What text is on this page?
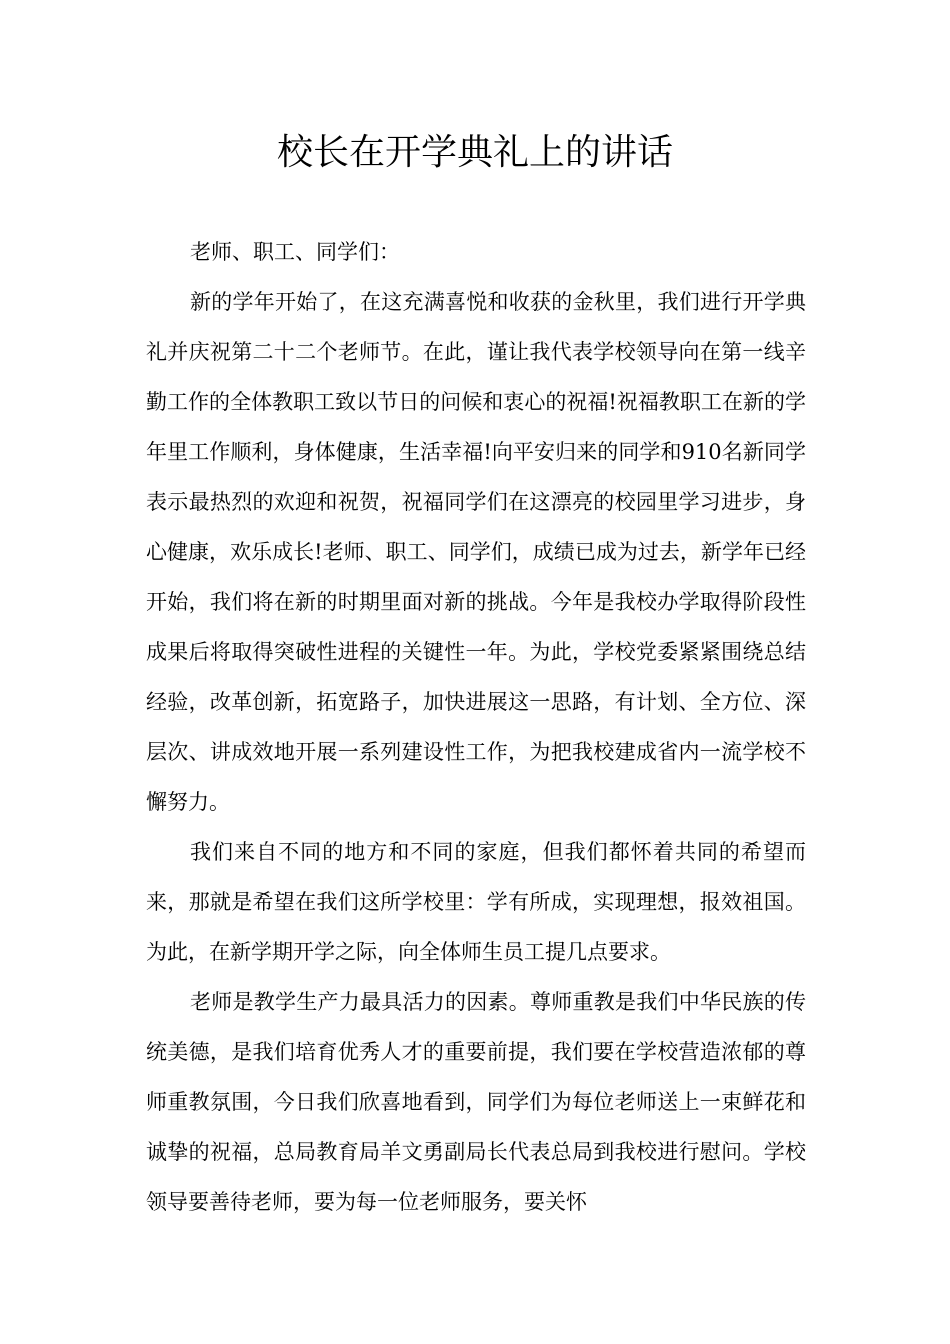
校长在开学典礼上的讲话

老师、职工、同学们：

新的学年开始了，在这充满喜悦和收获的金秋里，我们进行开学典礼并庆祝第二十二个老师节。在此，谨让我代表学校领导向在第一线辛勤工作的全体教职工致以节日的问候和衷心的祝福!祝福教职工在新的学年里工作顺利，身体健康，生活幸福!向平安归来的同学和910名新同学表示最热烈的欢迎和祝贺，祝福同学们在这漂亮的校园里学习进步，身心健康，欢乐成长!老师、职工、同学们，成绩已成为过去，新学年已经开始，我们将在新的时期里面对新的挑战。今年是我校办学取得阶段性成果后将取得突破性进程的关键性一年。为此，学校党委紧紧围绕总结经验，改革创新，拓宽路子，加快进展这一思路，有计划、全方位、深层次、讲成效地开展一系列建设性工作，为把我校建成省内一流学校不懈努力。

我们来自不同的地方和不同的家庭，但我们都怀着共同的希望而来，那就是希望在我们这所学校里：学有所成，实现理想，报效祖国。为此，在新学期开学之际，向全体师生员工提几点要求。

老师是教学生产力最具活力的因素。尊师重教是我们中华民族的传统美德，是我们培育优秀人才的重要前提，我们要在学校营造浓郁的尊师重教氛围，今日我们欣喜地看到，同学们为每位老师送上一束鲜花和诚挚的祝福，总局教育局羊文勇副局长代表总局到我校进行慰问。学校领导要善待老师，要为每一位老师服务，要关怀
